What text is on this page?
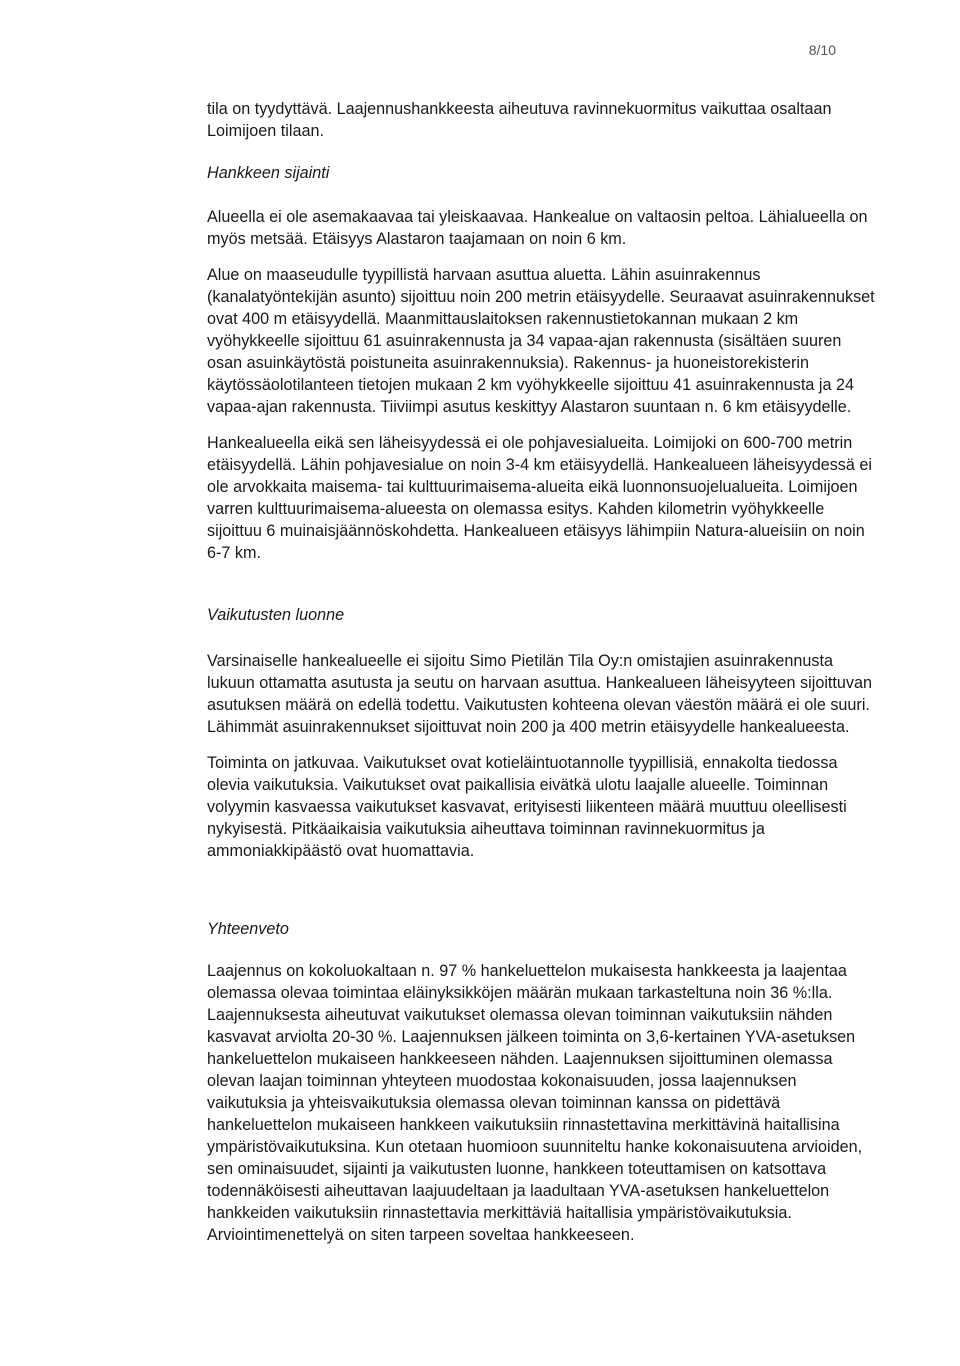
8/10

tila on tyydyttävä. Laajennushankkeesta aiheutuva ravinnekuormitus vaikuttaa osaltaan Loimijoen tilaan.

Hankkeen sijainti

Alueella ei ole asemakaavaa tai yleiskaavaa. Hankealue on valtaosin peltoa. Lähialueella on myös metsää. Etäisyys Alastaron taajamaan on noin 6 km.

Alue on maaseudulle tyypillistä harvaan asuttua aluetta. Lähin asuinrakennus (kanalatyöntekijän asunto) sijoittuu noin 200 metrin etäisyydelle. Seuraavat asuinrakennukset ovat 400 m etäisyydellä. Maanmittauslaitoksen rakennustietokannan mukaan 2 km vyöhykkeelle sijoittuu 61 asuinrakennusta ja 34 vapaa-ajan rakennusta (sisältäen suuren osan asuinkäytöstä poistuneita asuinrakennuksia). Rakennus- ja huoneistorekisterin käytössäolotilanteen tietojen mukaan 2 km vyöhykkeelle sijoittuu 41 asuinrakennusta ja 24 vapaa-ajan rakennusta. Tiiviimpi asutus keskittyy Alastaron suuntaan n. 6 km etäisyydelle.

Hankealueella eikä sen läheisyydessä ei ole pohjavesialueita. Loimijoki on 600-700 metrin etäisyydellä. Lähin pohjavesialue on noin 3-4 km etäisyydellä. Hankealueen läheisyydessä ei ole arvokkaita maisema- tai kulttuurimaisema-alueita eikä luonnonsuojelualueita. Loimijoen varren kulttuurimaisema-alueesta on olemassa esitys. Kahden kilometrin vyöhykkeelle sijoittuu 6 muinaisjäännöskohdetta. Hankealueen etäisyys lähimpiin Natura-alueisiin on noin 6-7 km.

Vaikutusten luonne

Varsinaiselle hankealueelle ei sijoitu Simo Pietilän Tila Oy:n omistajien asuinrakennusta lukuun ottamatta asutusta ja seutu on harvaan asuttua. Hankealueen läheisyyteen sijoittuvan asutuksen määrä on edellä todettu. Vaikutusten kohteena olevan väestön määrä ei ole suuri. Lähimmät asuinrakennukset sijoittuvat noin 200 ja 400 metrin etäisyydelle hankealueesta.

Toiminta on jatkuvaa. Vaikutukset ovat kotieläintuotannolle tyypillisiä, ennakolta tiedossa olevia vaikutuksia. Vaikutukset ovat paikallisia eivätkä ulotu laajalle alueelle. Toiminnan volyymin kasvaessa vaikutukset kasvavat, erityisesti liikenteen määrä muuttuu oleellisesti nykyisestä. Pitkäaikaisia vaikutuksia aiheuttava toiminnan ravinnekuormitus ja ammoniakkipäästö ovat huomattavia.

Yhteenveto

Laajennus on kokoluokaltaan n. 97 % hankeluettelon mukaisesta hankkeesta ja laajentaa olemassa olevaa toimintaa eläinyksikköjen määrän mukaan tarkasteltuna noin 36 %:lla. Laajennuksesta aiheutuvat vaikutukset olemassa olevan toiminnan vaikutuksiin nähden kasvavat arviolta 20-30 %. Laajennuksen jälkeen toiminta on 3,6-kertainen YVA-asetuksen hankeluettelon mukaiseen hankkeeseen nähden. Laajennuksen sijoittuminen olemassa olevan laajan toiminnan yhteyteen muodostaa kokonaisuuden, jossa laajennuksen vaikutuksia ja yhteisvaikutuksia olemassa olevan toiminnan kanssa on pidettävä hankeluettelon mukaiseen hankkeen vaikutuksiin rinnastettavina merkittävinä haitallisina ympäristövaikutuksina. Kun otetaan huomioon suunniteltu hanke kokonaisuutena arvioiden, sen ominaisuudet, sijainti ja vaikutusten luonne, hankkeen toteuttamisen on katsottava todennäköisesti aiheuttavan laajuudeltaan ja laadultaan YVA-asetuksen hankeluettelon hankkeiden vaikutuksiin rinnastettavia merkittäviä haitallisia ympäristövaikutuksia. Arviointimenettelyä on siten tarpeen soveltaa hankkeeseen.
